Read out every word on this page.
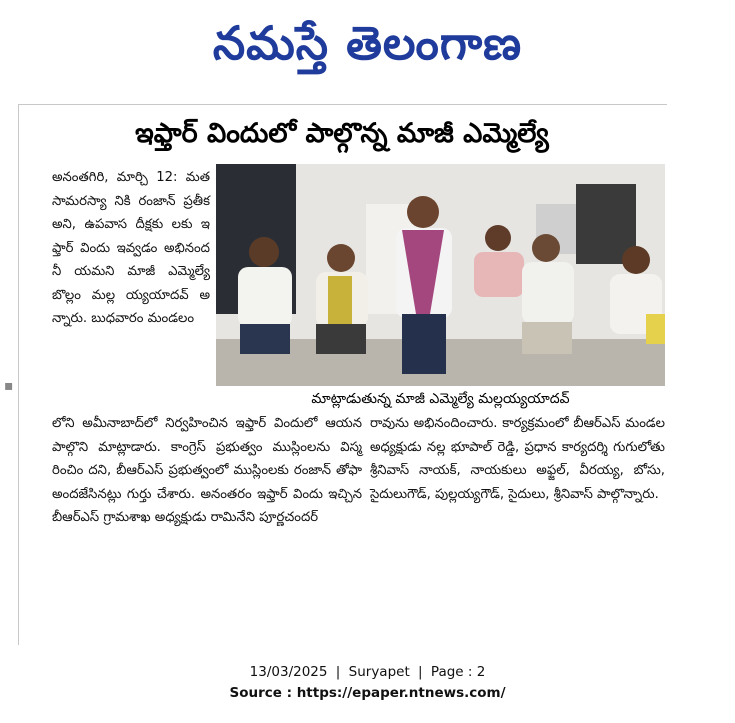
నమస్తే తెలంగాణ
ఇఫ్తార్ విందులో పాల్గొన్న మాజీ ఎమ్మెల్యే
▪
అనంతగిరి, మార్చి 12: మత సామరస్యా నికి రంజాన్ ప్రతీక అని, ఉపవాస దీక్షకు లకు ఇఫ్తార్ విందు ఇవ్వడం అభినందనీ యమని మాజీ ఎమ్మెల్యే బొల్లం మల్ల య్యయాదవ్ అన్నారు. బుధవారం మండలం
మాట్లాడుతున్న మాజీ ఎమ్మెల్యే మల్లయ్యయాదవ్
లోని అమీనాబాద్‌లో నిర్వహించిన ఇఫ్తార్ విందులో ఆయన పాల్గొని మాట్లాడారు. కాంగ్రెస్ ప్రభుత్వం ముస్లింలను విస్మరించిం దని, బీఆర్ఎస్ ప్రభుత్వంలో ముస్లింలకు రంజాన్ తోఫా అందజేసినట్లు గుర్తు చేశారు. అనంతరం ఇఫ్తార్ విందు ఇచ్చిన బీఆర్ఎస్ గ్రామశాఖ అధ్యక్షుడు రామినేని పూర్ణచందర్
రావును అభినందించారు. కార్యక్రమంలో బీఆర్ఎస్ మండల అధ్యక్షుడు నల్ల భూపాల్ రెడ్డి, ప్రధాన కార్యదర్శి గుగులోతు శ్రీనివాస్ నాయక్, నాయకులు అఫ్జల్, వీరయ్య, బోసు, సైదులుగౌడ్, పుల్లయ్యగౌడ్, సైదులు, శ్రీనివాస్ పాల్గొన్నారు.
13/03/2025 | Suryapet | Page : 2
Source : https://epaper.ntnews.com/
